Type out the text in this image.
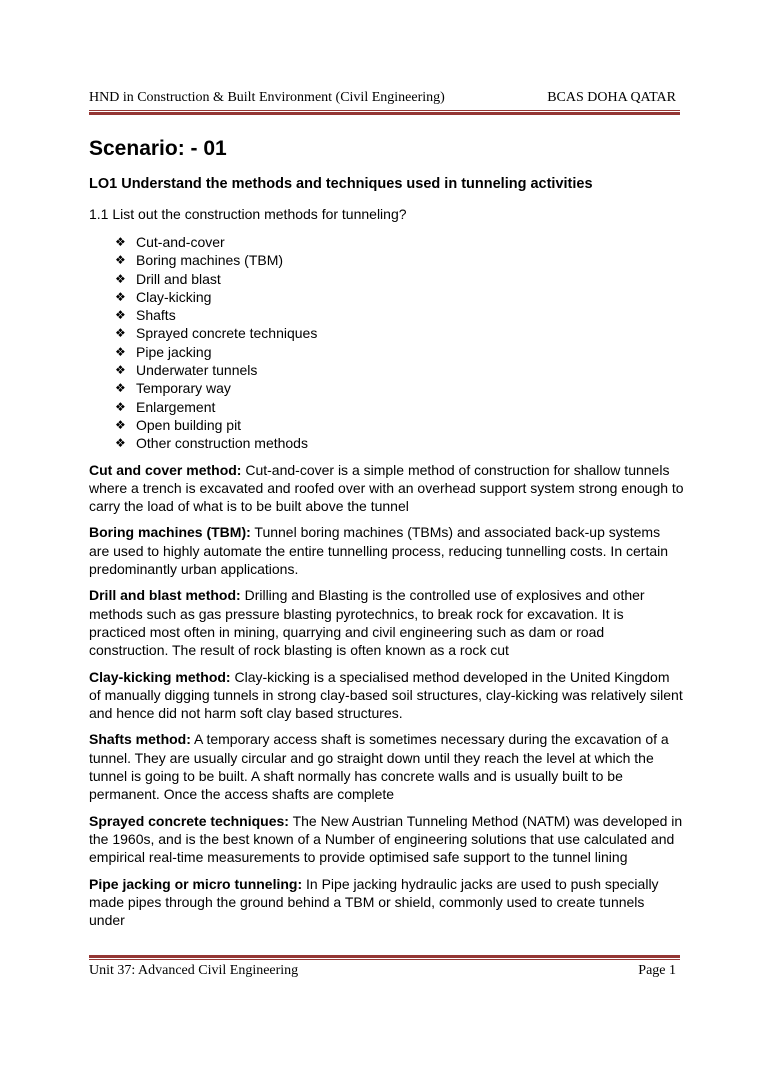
HND in Construction & Built Environment (Civil Engineering)	BCAS DOHA QATAR
Scenario: - 01
LO1 Understand the methods and techniques used in tunneling activities
1.1 List out the construction methods for tunneling?
❖ Cut-and-cover
❖ Boring machines (TBM)
❖ Drill and blast
❖ Clay-kicking
❖ Shafts
❖ Sprayed concrete techniques
❖ Pipe jacking
❖ Underwater tunnels
❖ Temporary way
❖ Enlargement
❖ Open building pit
❖ Other construction methods

Cut and cover method: Cut-and-cover is a simple method of construction for shallow tunnels where a trench is excavated and roofed over with an overhead support system strong enough to carry the load of what is to be built above the tunnel

Boring machines (TBM): Tunnel boring machines (TBMs) and associated back-up systems are used to highly automate the entire tunnelling process, reducing tunnelling costs. In certain predominantly urban applications.

Drill and blast method: Drilling and Blasting is the controlled use of explosives and other methods such as gas pressure blasting pyrotechnics, to break rock for excavation. It is practiced most often in mining, quarrying and civil engineering such as dam or road construction. The result of rock blasting is often known as a rock cut

Clay-kicking method: Clay-kicking is a specialised method developed in the United Kingdom of manually digging tunnels in strong clay-based soil structures, clay-kicking was relatively silent and hence did not harm soft clay based structures.

Shafts method: A temporary access shaft is sometimes necessary during the excavation of a tunnel. They are usually circular and go straight down until they reach the level at which the tunnel is going to be built. A shaft normally has concrete walls and is usually built to be permanent. Once the access shafts are complete

Sprayed concrete techniques: The New Austrian Tunneling Method (NATM) was developed in the 1960s, and is the best known of a Number of engineering solutions that use calculated and empirical real-time measurements to provide optimised safe support to the tunnel lining

Pipe jacking or micro tunneling: In Pipe jacking hydraulic jacks are used to push specially made pipes through the ground behind a TBM or shield, commonly used to create tunnels under

Unit 37: Advanced Civil Engineering	Page 1
